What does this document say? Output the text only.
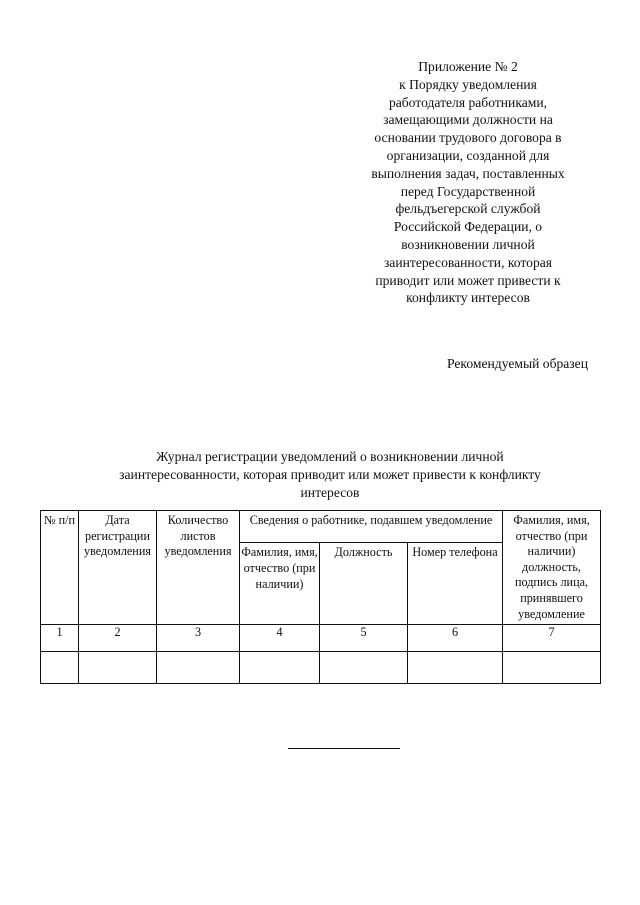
Приложение № 2
к Порядку уведомления
работодателя работниками,
замещающими должности на
основании трудового договора в
организации, созданной для
выполнения задач, поставленных
перед Государственной
фельдъегерской службой
Российской Федерации, о
возникновении личной
заинтересованности, которая
приводит или может привести к
конфликту интересов
Рекомендуемый образец
Журнал регистрации уведомлений о возникновении личной
заинтересованности, которая приводит или может привести к конфликту
интересов
№ п/п	Дата регистрации уведомления	Количество листов уведомления	Сведения о работнике, подавшем уведомление			Фамилия, имя, отчество (при наличии) должность, подпись лица, принявшего уведомление
			Фамилия, имя, отчество (при наличии)	Должность	Номер телефона	
1	2	3	4	5	6	7
